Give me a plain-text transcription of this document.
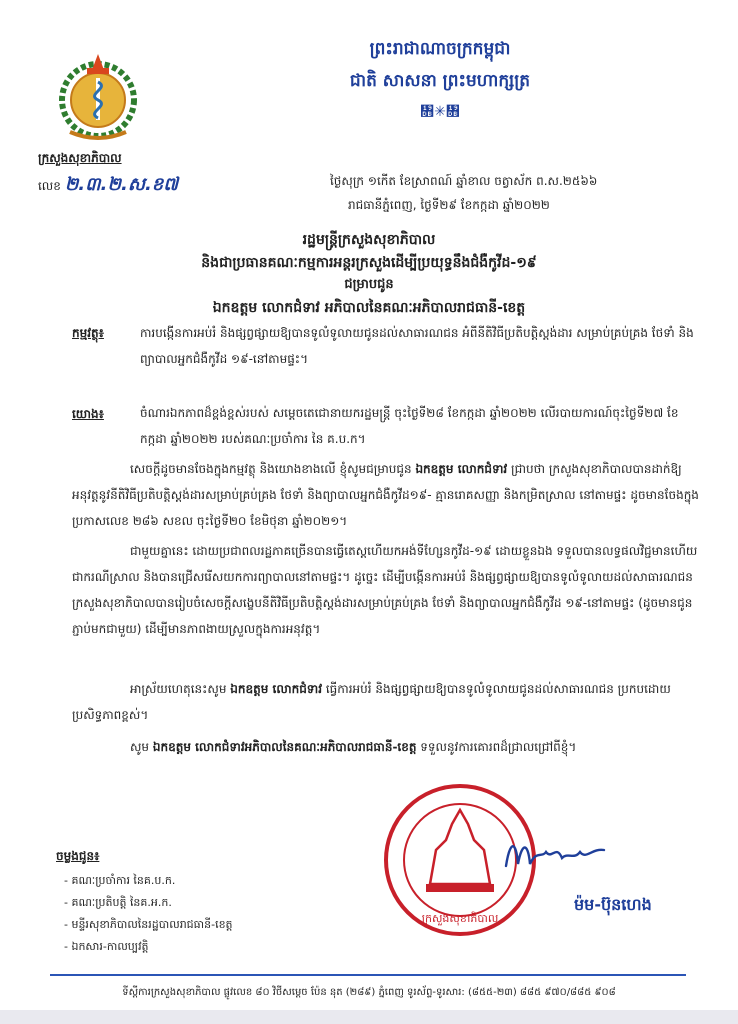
ព្រះរាជាណាចក្រកម្ពុជា
ជាតិ សាសនា ព្រះមហាក្សត្រ
᧛✳᧛
ក្រសួងសុខាភិបាល
លេខ ២.៣.២.ស.ខ៧	ថ្ងៃសុក្រ ១កើត ខែស្រាពណ៍ ឆ្នាំខាល ចត្វាស័ក ព.ស.២៥៦៦
រាជធានីភ្នំពេញ, ថ្ងៃទី២៩ ខែកក្កដា ឆ្នាំ២០២២
រដ្ឋមន្ត្រីក្រសួងសុខាភិបាល
និងជាប្រធានគណៈកម្មការអន្តរក្រសួងដើម្បីប្រយុទ្ធនឹងជំងឺកូវីដ-១៩
ជម្រាបជូន
ឯកឧត្តម លោកជំទាវ អភិបាលនៃគណៈអភិបាលរាជធានី-ខេត្ត
កម្មវត្ថុ៖	ការបង្កើនការអប់រំ និងផ្សព្វផ្សាយឱ្យបានទូលំទូលាយជូនដល់សាធារណជន អំពីនីតិវិធីប្រតិបត្តិស្តង់ដារ សម្រាប់គ្រប់គ្រង ថែទាំ និងព្យាបាលអ្នកជំងឺកូវីដ ១៩-នៅតាមផ្ទះ។
យោង៖	ចំណារឯកភាពដ៏ខ្ពង់ខ្ពស់របស់ សម្តេចតេជោនាយករដ្ឋមន្ត្រី ចុះថ្ងៃទី២៨ ខែកក្កដា ឆ្នាំ២០២២ លើរបាយការណ៍ចុះថ្ងៃទី២៧ ខែកក្កដា ឆ្នាំ២០២២ របស់គណៈប្រចាំការ នៃ គ.ប.ក។
សេចក្តីដូចមានចែងក្នុងកម្មវត្ថុ និងយោងខាងលើ ខ្ញុំសូមជម្រាបជូន ឯកឧត្តម លោកជំទាវ ជ្រាបថា ក្រសួងសុខាភិបាលបានដាក់ឱ្យអនុវត្តនូវនីតិវិធីប្រតិបត្តិស្តង់ដារសម្រាប់គ្រប់គ្រង ថែទាំ និងព្យាបាលអ្នកជំងឺកូវីដ១៩- គ្មានរោគសញ្ញា និងកម្រិតស្រាល នៅតាមផ្ទះ ដូចមានចែងក្នុងប្រកាសលេខ ២៨៦ សខល ចុះថ្ងៃទី២០ ខែមិថុនា ឆ្នាំ២០២១។
ជាមួយគ្នានេះ ដោយប្រជាពលរដ្ឋភាគច្រើនបានធ្វើតេស្តហើយកអង់ទីហ្សែនកូវីដ-១៩ ដោយខ្លួនឯង ទទួលបានលទ្ធផលវិជ្ជមានហើយជាករណីស្រាល និងបានជ្រើសរើសយកការព្យាបាលនៅតាមផ្ទះ។ ដូច្នេះ ដើម្បីបង្កើនការអប់រំ និងផ្សព្វផ្សាយឱ្យបានទូលំទូលាយដល់សាធារណជន ក្រសួងសុខាភិបាលបានរៀបចំសេចក្តីសង្ខេបនីតិវិធីប្រតិបត្តិស្តង់ដារសម្រាប់គ្រប់គ្រង ថែទាំ និងព្យាបាលអ្នកជំងឺកូវីដ ១៩-នៅតាមផ្ទះ (ដូចមានជូនភ្ជាប់មកជាមួយ) ដើម្បីមានភាពងាយស្រួលក្នុងការអនុវត្ត។
អាស្រ័យហេតុនេះសូម ឯកឧត្តម លោកជំទាវ ធ្វើការអប់រំ និងផ្សព្វផ្សាយឱ្យបានទូលំទូលាយជូនដល់សាធារណជន ប្រកបដោយប្រសិទ្ធភាពខ្ពស់។
សូម ឯកឧត្តម លោកជំទាវអភិបាលនៃគណៈអភិបាលរាជធានី-ខេត្ត ទទួលនូវការគោរពដ៏ជ្រាលជ្រៅពីខ្ញុំ។
ក្រសួងសុខាភិបាល
ម៉ម-ប៊ុនហេង
ចម្លងជូន៖
- គណៈប្រចាំការ នៃគ.ប.ក.
- គណៈប្រតិបត្តិ នៃគ.អ.ក.
- មន្ទីរសុខាភិបាលនៃរដ្ឋបាលរាជធានី-ខេត្ត
- ឯកសារ-កាលប្បវត្តិ
ទីស្តីការក្រសួងសុខាភិបាល ផ្លូវលេខ ៨០ វិថីសម្ដេច ប៉ែន នុត (២៨៩) ភ្នំពេញ ទូរស័ព្ទ-ទូរសារ: (៨៥៥-២៣) ៨៨៥ ៩៧០/៨៨៥ ៩០៨
